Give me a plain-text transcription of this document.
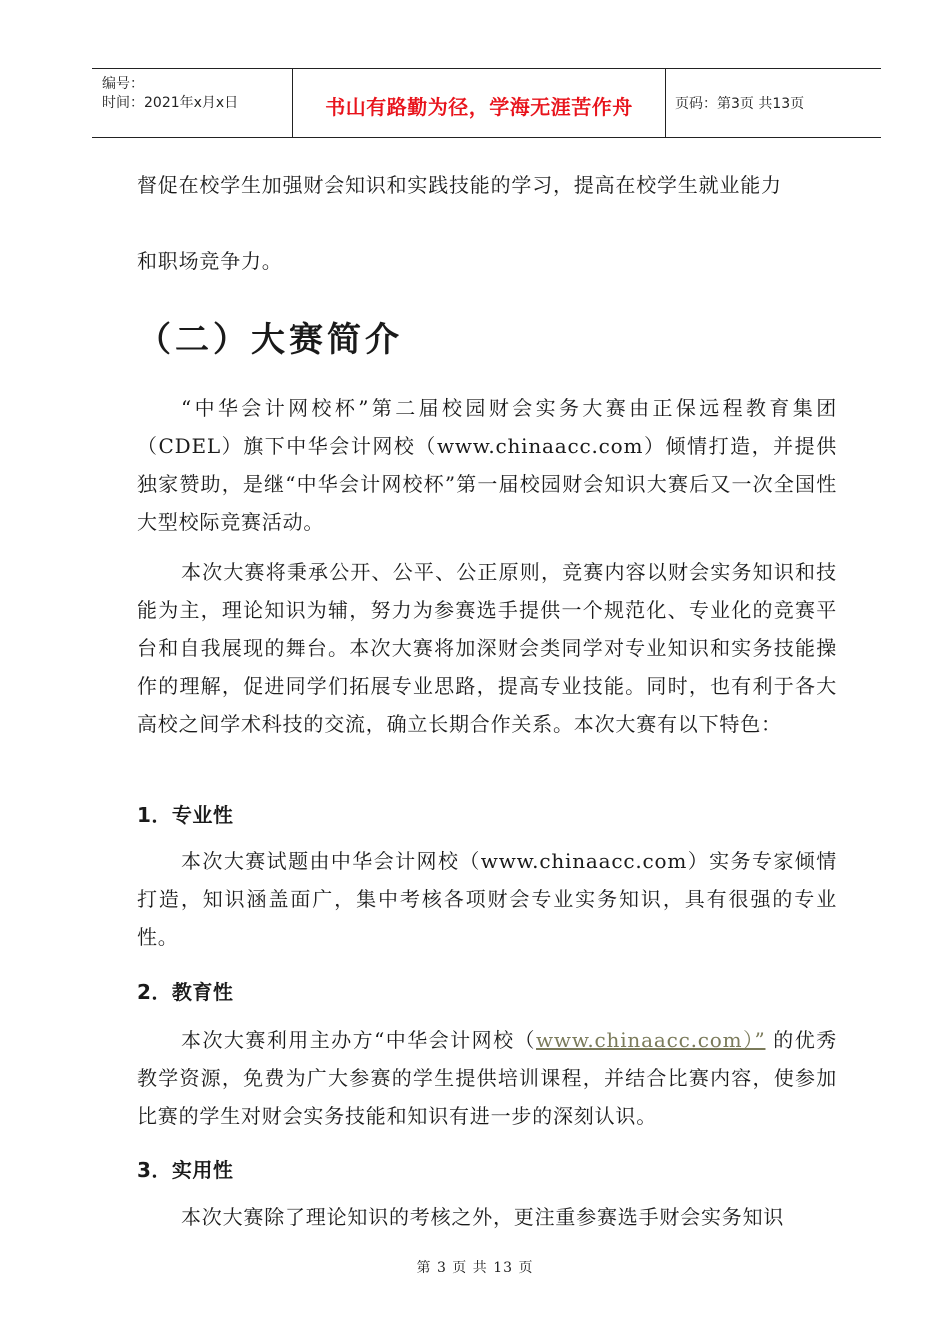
编号：
时间：2021年x月x日	书山有路勤为径，学海无涯苦作舟	页码：第3页 共13页

督促在校学生加强财会知识和实践技能的学习，提高在校学生就业能力

和职场竞争力。

（二）大赛简介

“中华会计网校杯”第二届校园财会实务大赛由正保远程教育集团（CDEL）旗下中华会计网校（www.chinaacc.com）倾情打造，并提供独家赞助，是继“中华会计网校杯”第一届校园财会知识大赛后又一次全国性大型校际竞赛活动。

本次大赛将秉承公开、公平、公正原则，竞赛内容以财会实务知识和技能为主，理论知识为辅，努力为参赛选手提供一个规范化、专业化的竞赛平台和自我展现的舞台。本次大赛将加深财会类同学对专业知识和实务技能操作的理解，促进同学们拓展专业思路，提高专业技能。同时，也有利于各大高校之间学术科技的交流，确立长期合作关系。本次大赛有以下特色：

1．专业性

本次大赛试题由中华会计网校（www.chinaacc.com）实务专家倾情打造，知识涵盖面广，集中考核各项财会专业实务知识，具有很强的专业性。

2．教育性

本次大赛利用主办方“中华会计网校（www.chinaacc.com）” 的优秀教学资源，免费为广大参赛的学生提供培训课程，并结合比赛内容，使参加比赛的学生对财会实务技能和知识有进一步的深刻认识。

3．实用性

本次大赛除了理论知识的考核之外，更注重参赛选手财会实务知识

第 3 页 共 13 页
